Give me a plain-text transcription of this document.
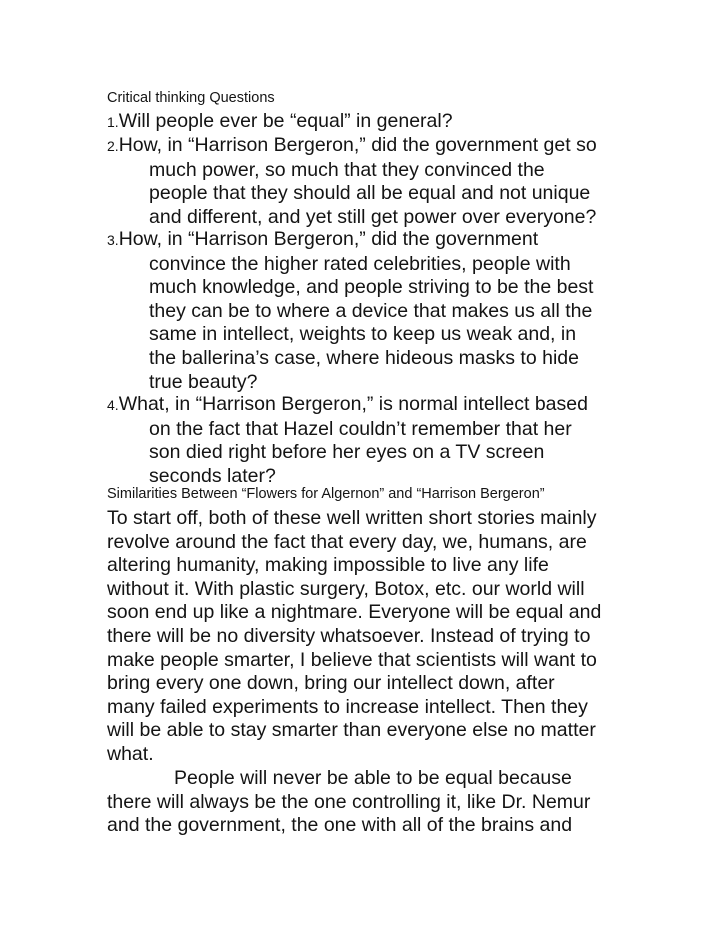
Critical thinking Questions
1.Will people ever be “equal” in general?
2.How, in “Harrison Bergeron,” did the government get so
much power, so much that they convinced the
people that they should all be equal and not unique
and different, and yet still get power over everyone?
3.How, in “Harrison Bergeron,” did the government
convince the higher rated celebrities, people with
much knowledge, and people striving to be the best
they can be to where a device that makes us all the
same in intellect, weights to keep us weak and, in
the ballerina’s case, where hideous masks to hide
true beauty?
4.What, in “Harrison Bergeron,” is normal intellect based
on the fact that Hazel couldn’t remember that her
son died right before her eyes on a TV screen
seconds later?
Similarities Between “Flowers for Algernon” and “Harrison Bergeron”
To start off, both of these well written short stories mainly
revolve around the fact that every day, we, humans, are
altering humanity, making impossible to live any life
without it. With plastic surgery, Botox, etc. our world will
soon end up like a nightmare. Everyone will be equal and
there will be no diversity whatsoever. Instead of trying to
make people smarter, I believe that scientists will want to
bring every one down, bring our intellect down, after
many failed experiments to increase intellect. Then they
will be able to stay smarter than everyone else no matter
what.
People will never be able to be equal because
there will always be the one controlling it, like Dr. Nemur
and the government, the one with all of the brains and
